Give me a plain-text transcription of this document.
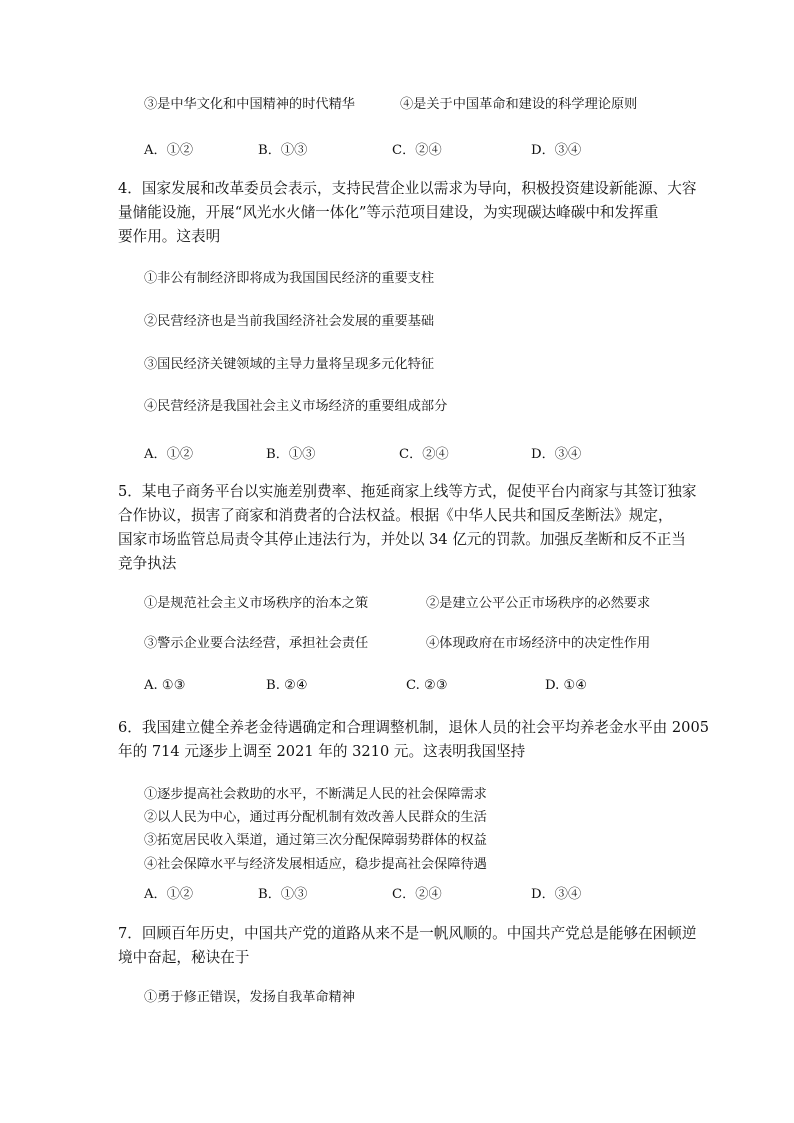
③是中华文化和中国精神的时代精华	④是关于中国革命和建设的科学理论原则
A．①②	B．①③	C．②④	D．③④
4．国家发展和改革委员会表示，支持民营企业以需求为导向，积极投资建设新能源、大容
量储能设施，开展“风光水火储一体化”等示范项目建设，为实现碳达峰碳中和发挥重
要作用。这表明
①非公有制经济即将成为我国国民经济的重要支柱
②民营经济也是当前我国经济社会发展的重要基础
③国民经济关键领域的主导力量将呈现多元化特征
④民营经济是我国社会主义市场经济的重要组成部分
A．①②	B．①③	C．②④	D．③④
5．某电子商务平台以实施差别费率、拖延商家上线等方式，促使平台内商家与其签订独家
合作协议，损害了商家和消费者的合法权益。根据《中华人民共和国反垄断法》规定，
国家市场监管总局责令其停止违法行为，并处以 34 亿元的罚款。加强反垄断和反不正当
竞争执法
①是规范社会主义市场秩序的治本之策	②是建立公平公正市场秩序的必然要求
③警示企业要合法经营，承担社会责任	④体现政府在市场经济中的决定性作用
A. ①③	B. ②④	C. ②③	D. ①④
6．我国建立健全养老金待遇确定和合理调整机制，退休人员的社会平均养老金水平由 2005
年的 714 元逐步上调至 2021 年的 3210 元。这表明我国坚持
①逐步提高社会救助的水平，不断满足人民的社会保障需求
②以人民为中心，通过再分配机制有效改善人民群众的生活
③拓宽居民收入渠道，通过第三次分配保障弱势群体的权益
④社会保障水平与经济发展相适应，稳步提高社会保障待遇
A．①②	B．①③	C．②④	D．③④
7．回顾百年历史，中国共产党的道路从来不是一帆风顺的。中国共产党总是能够在困顿逆
境中奋起，秘诀在于
①勇于修正错误，发扬自我革命精神
